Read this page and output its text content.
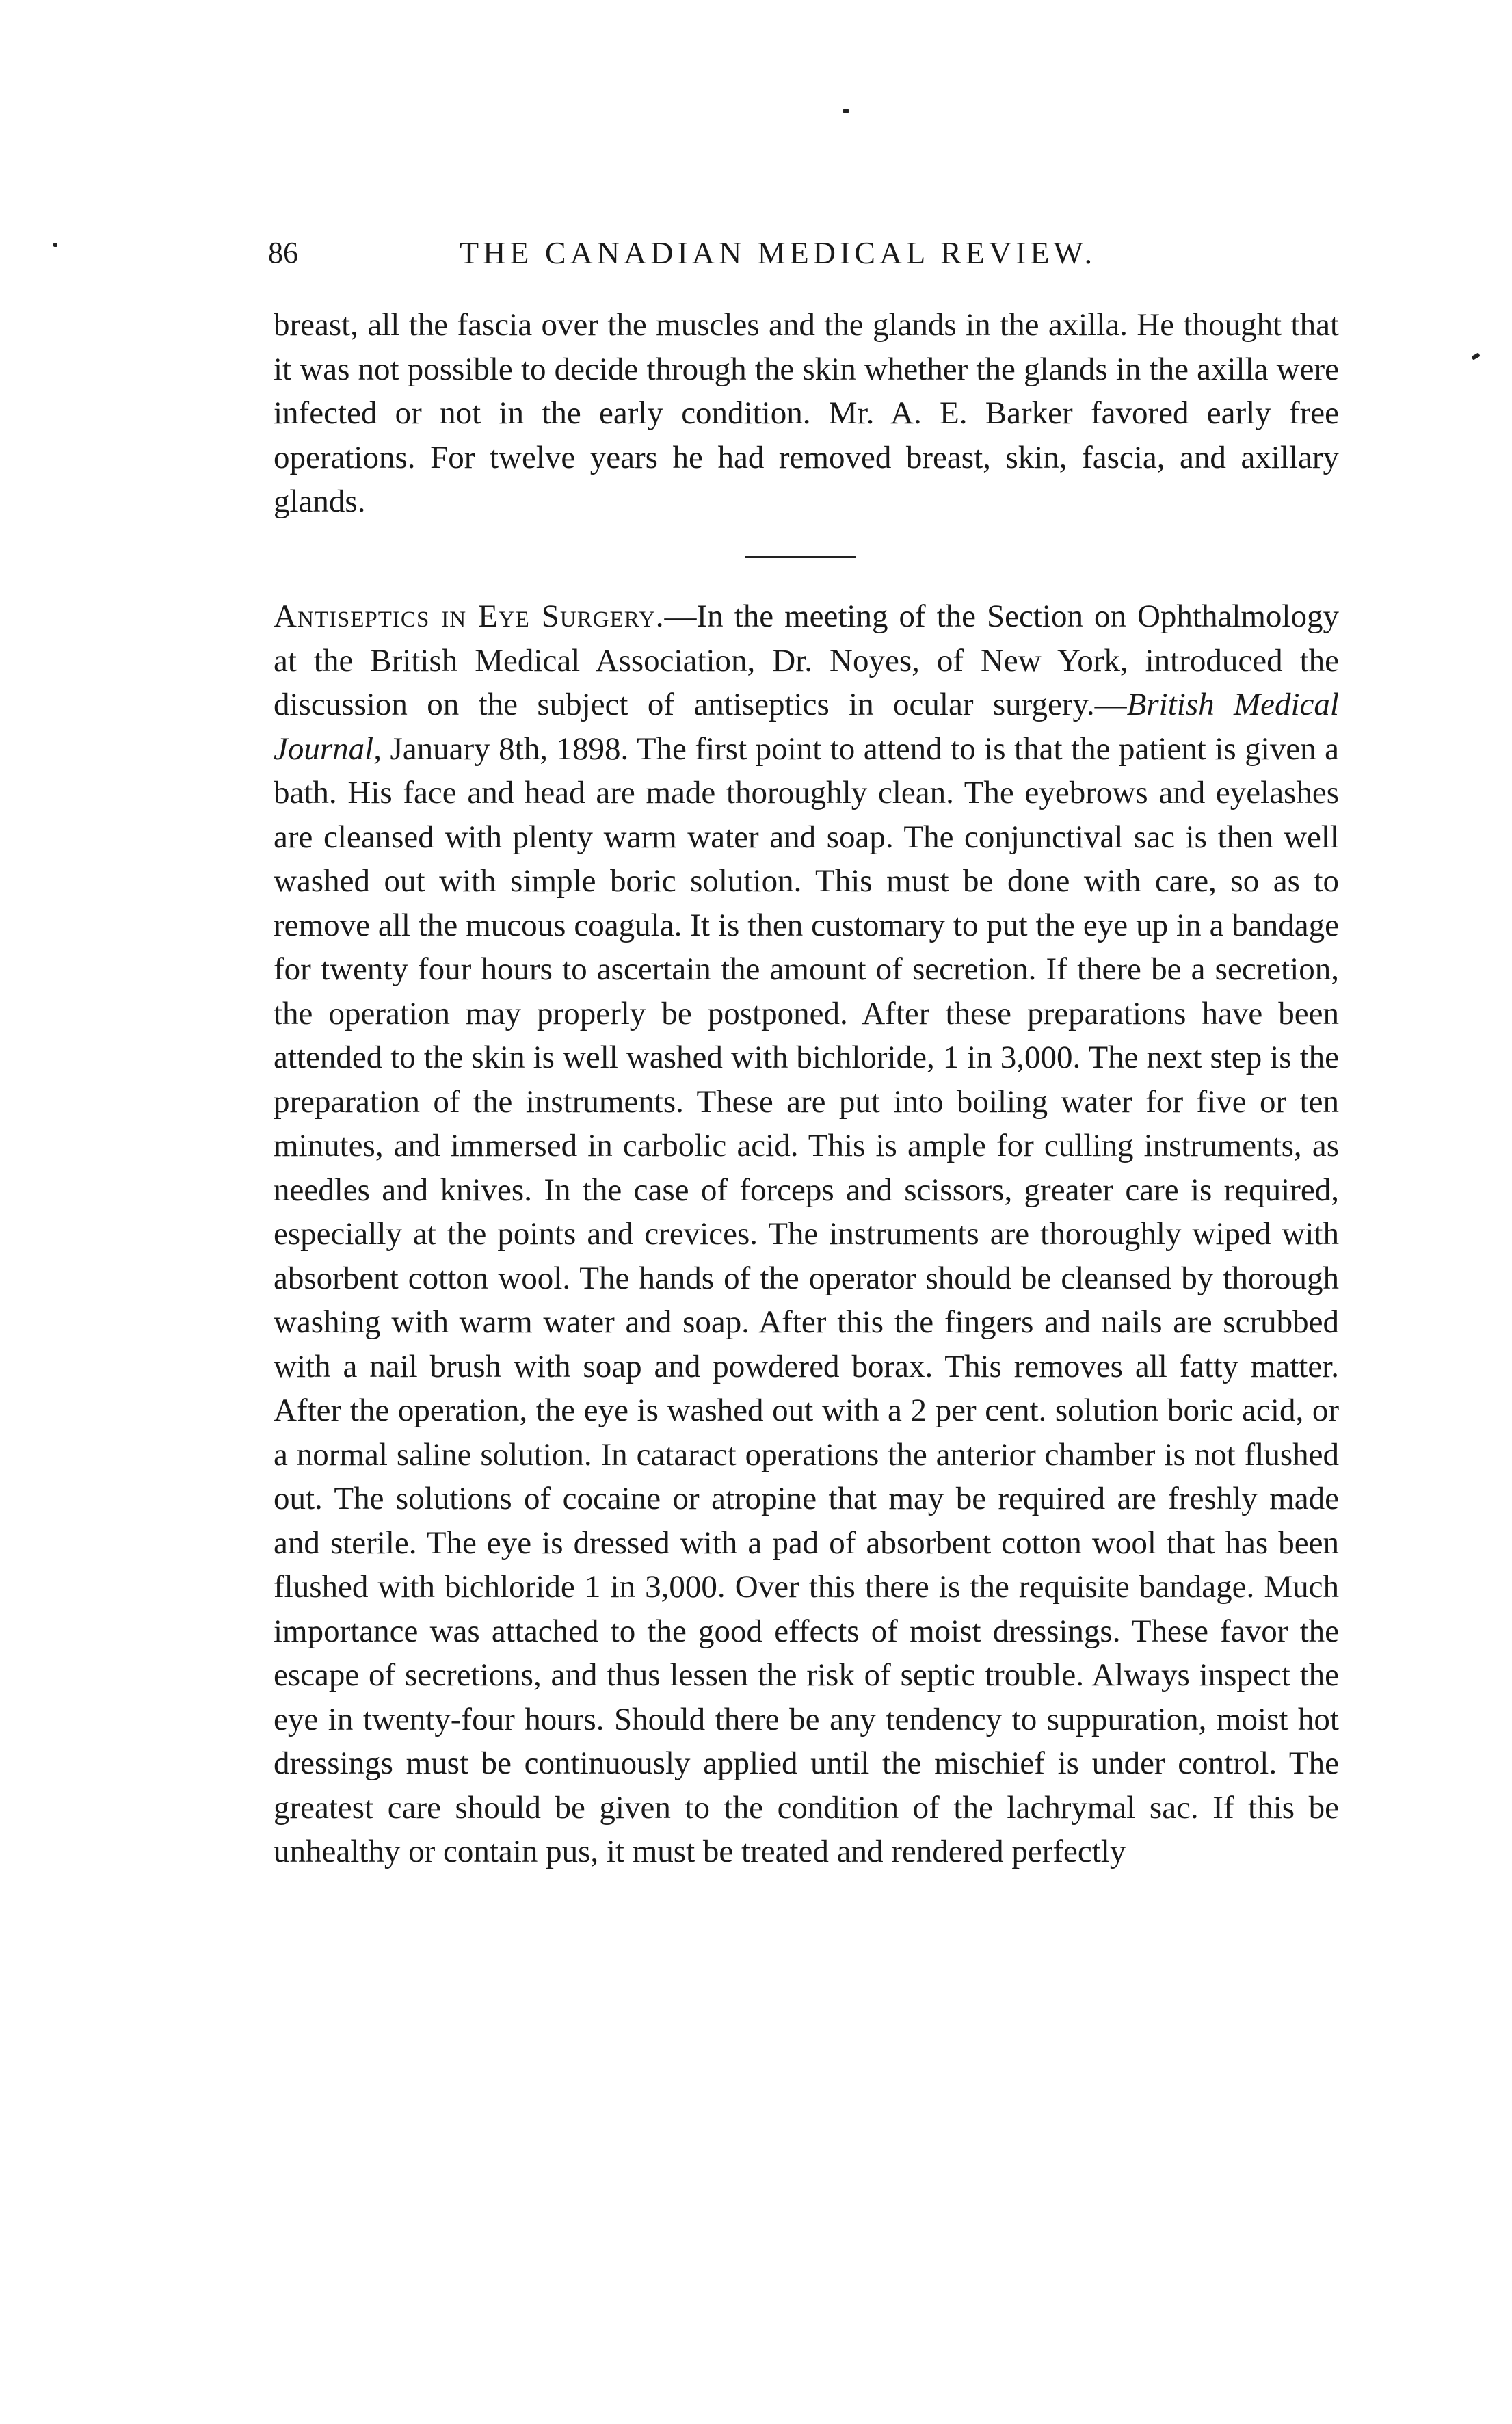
86	THE CANADIAN MEDICAL REVIEW.

breast, all the fascia over the muscles and the glands in the axilla. He thought that it was not possible to decide through the skin whether the glands in the axilla were infected or not in the early condition. Mr. A. E. Barker favored early free operations. For twelve years he had removed breast, skin, fascia, and axillary glands.

Antiseptics in Eye Surgery.—In the meeting of the Section on Ophthalmology at the British Medical Association, Dr. Noyes, of New York, introduced the discussion on the subject of antiseptics in ocular surgery.—British Medical Journal, January 8th, 1898. The first point to attend to is that the patient is given a bath. His face and head are made thoroughly clean. The eyebrows and eyelashes are cleansed with plenty warm water and soap. The conjunctival sac is then well washed out with simple boric solution. This must be done with care, so as to remove all the mucous coagula. It is then customary to put the eye up in a bandage for twenty four hours to ascertain the amount of secretion. If there be a secretion, the operation may properly be postponed. After these preparations have been attended to the skin is well washed with bichloride, 1 in 3,000. The next step is the preparation of the instruments. These are put into boiling water for five or ten minutes, and immersed in carbolic acid. This is ample for culling instruments, as needles and knives. In the case of forceps and scissors, greater care is required, especially at the points and crevices. The instruments are thoroughly wiped with absorbent cotton wool. The hands of the operator should be cleansed by thorough washing with warm water and soap. After this the fingers and nails are scrubbed with a nail brush with soap and powdered borax. This removes all fatty matter. After the operation, the eye is washed out with a 2 per cent. solution boric acid, or a normal saline solution. In cataract operations the anterior chamber is not flushed out. The solutions of cocaine or atropine that may be required are freshly made and sterile. The eye is dressed with a pad of absorbent cotton wool that has been flushed with bichloride 1 in 3,000. Over this there is the requisite bandage. Much importance was attached to the good effects of moist dressings. These favor the escape of secretions, and thus lessen the risk of septic trouble. Always inspect the eye in twenty-four hours. Should there be any tendency to suppuration, moist hot dressings must be continuously applied until the mischief is under control. The greatest care should be given to the condition of the lachrymal sac. If this be unhealthy or contain pus, it must be treated and rendered perfectly
